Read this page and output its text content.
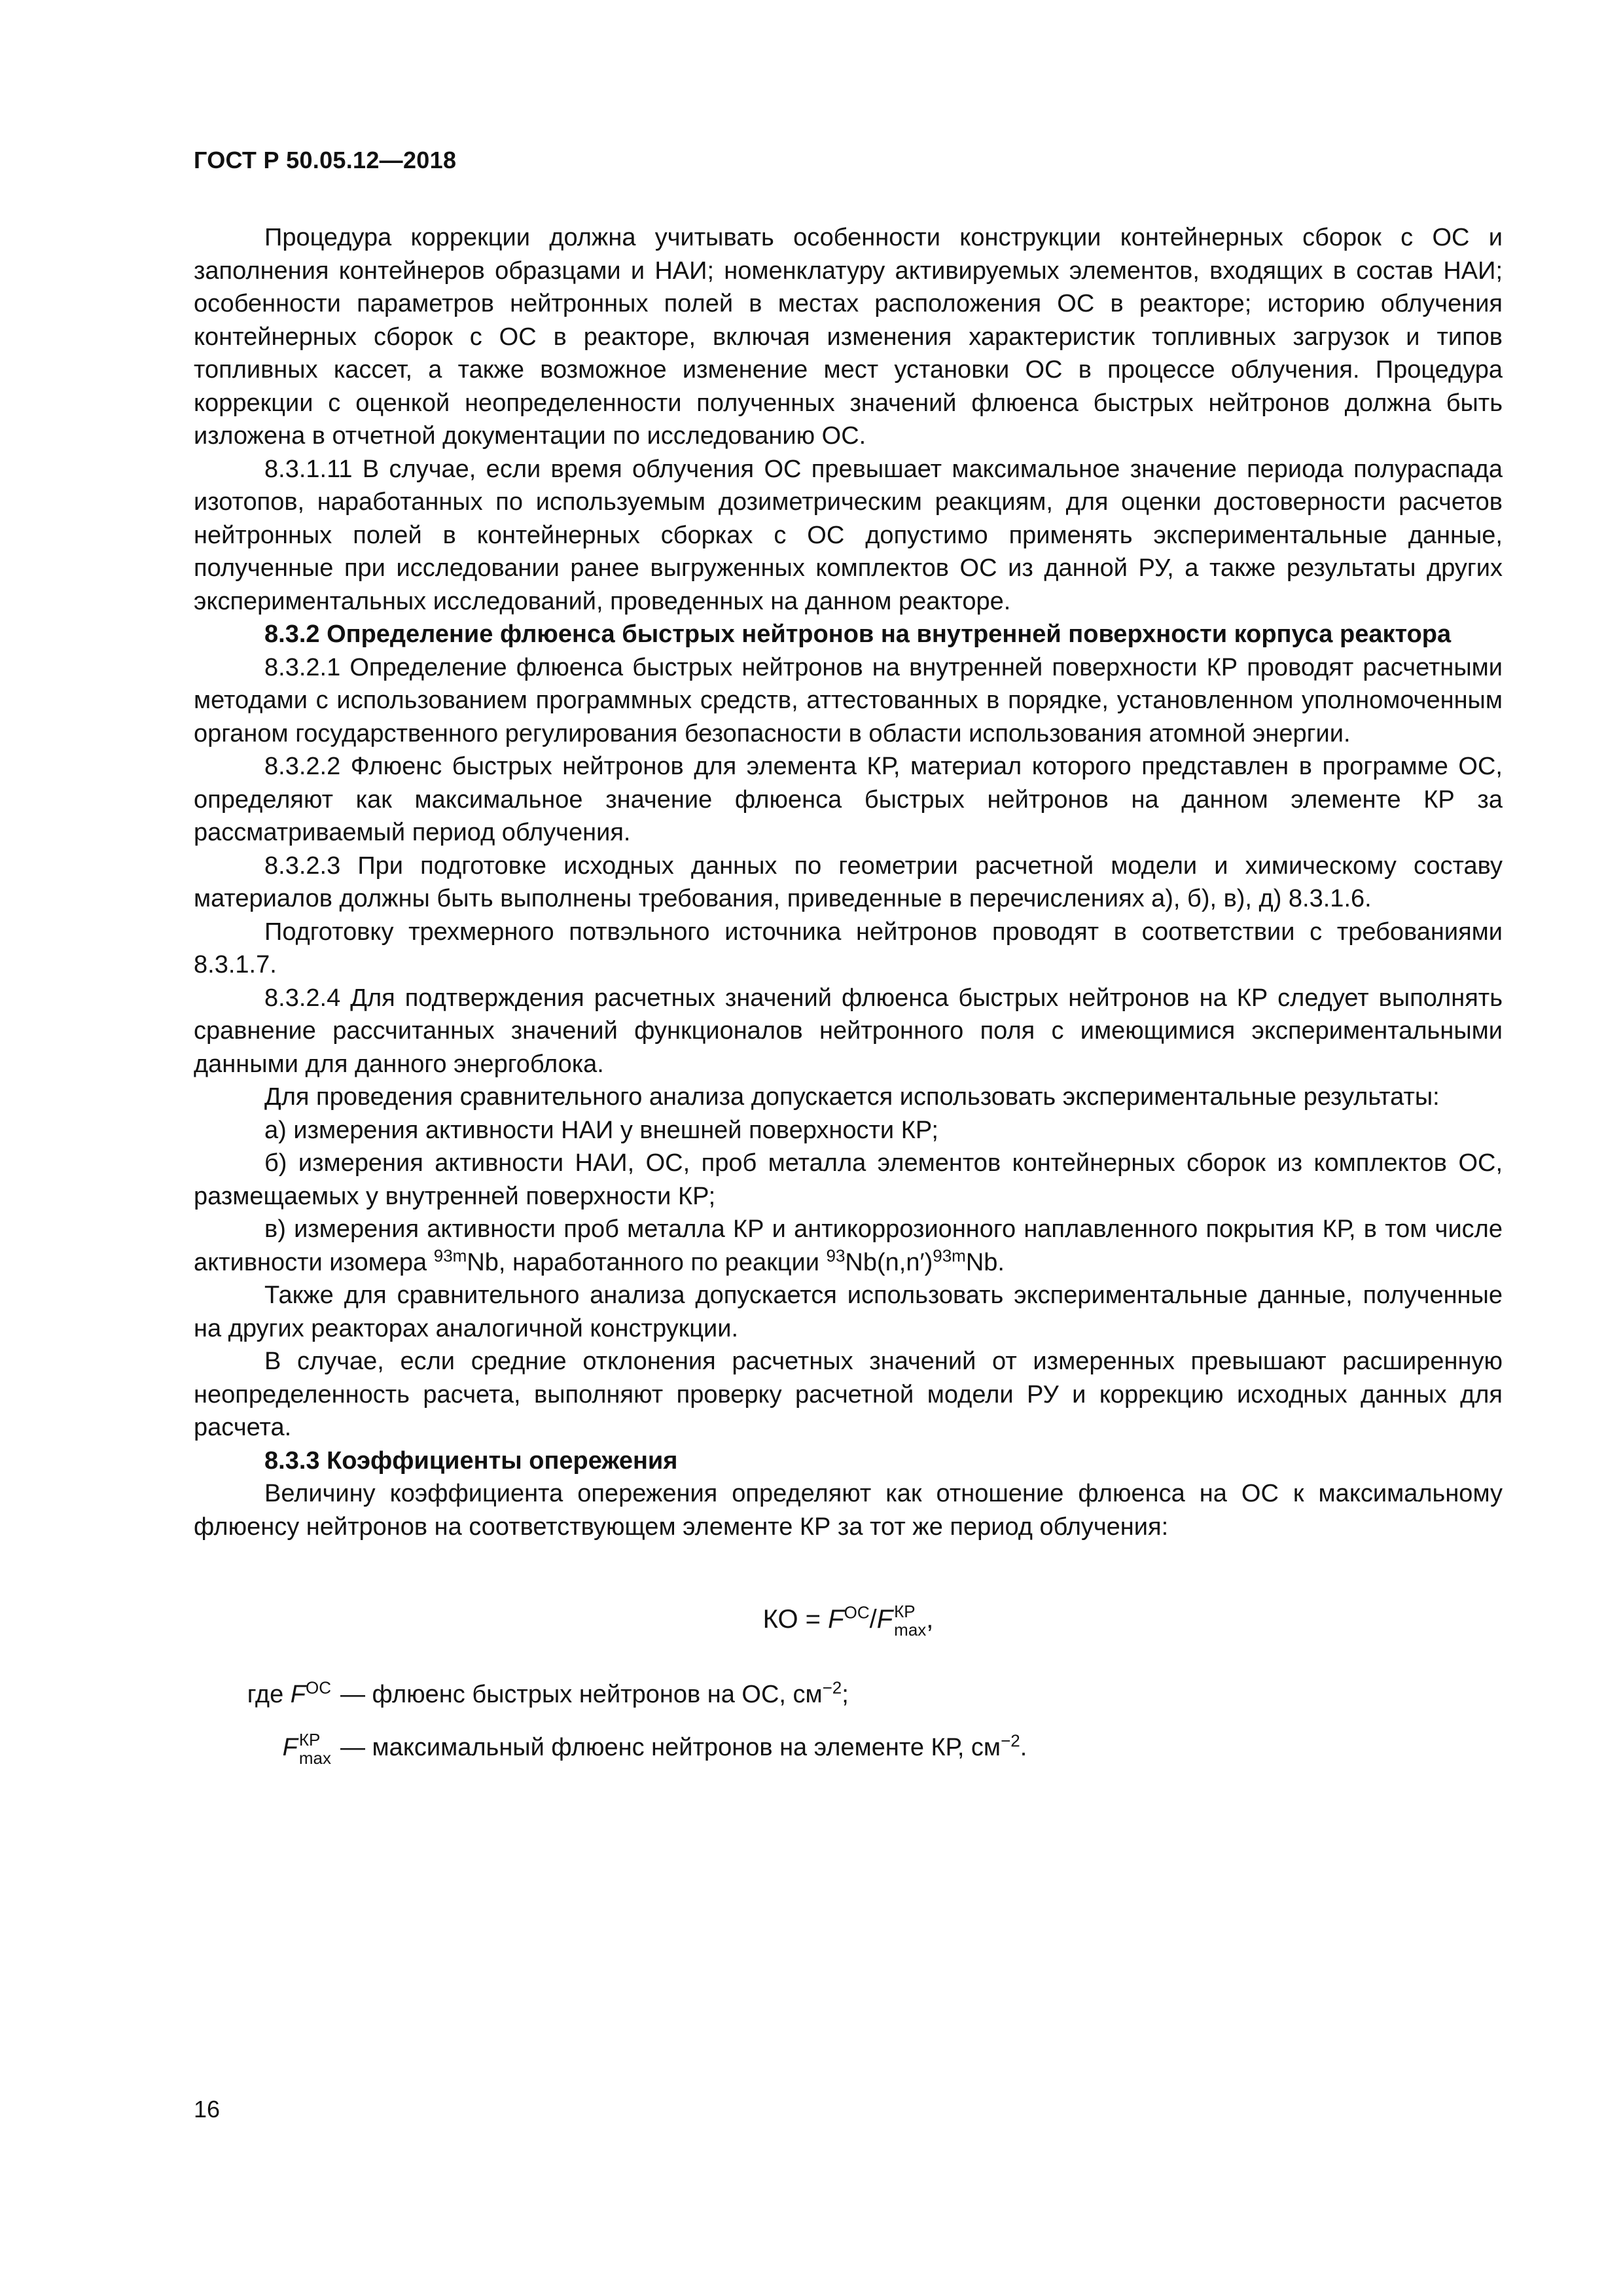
ГОСТ Р 50.05.12—2018

Процедура коррекции должна учитывать особенности конструкции контейнерных сборок с ОС и заполнения контейнеров образцами и НАИ; номенклатуру активируемых элементов, входящих в состав НАИ; особенности параметров нейтронных полей в местах расположения ОС в реакторе; историю облучения контейнерных сборок с ОС в реакторе, включая изменения характеристик топливных загрузок и типов топливных кассет, а также возможное изменение мест установки ОС в процессе облучения. Процедура коррекции с оценкой неопределенности полученных значений флюенса быстрых нейтронов должна быть изложена в отчетной документации по исследованию ОС.

8.3.1.11 В случае, если время облучения ОС превышает максимальное значение периода полураспада изотопов, наработанных по используемым дозиметрическим реакциям, для оценки достоверности расчетов нейтронных полей в контейнерных сборках с ОС допустимо применять экспериментальные данные, полученные при исследовании ранее выгруженных комплектов ОС из данной РУ, а также результаты других экспериментальных исследований, проведенных на данном реакторе.

8.3.2 Определение флюенса быстрых нейтронов на внутренней поверхности корпуса реактора

8.3.2.1 Определение флюенса быстрых нейтронов на внутренней поверхности КР проводят расчетными методами с использованием программных средств, аттестованных в порядке, установленном уполномоченным органом государственного регулирования безопасности в области использования атомной энергии.

8.3.2.2 Флюенс быстрых нейтронов для элемента КР, материал которого представлен в программе ОС, определяют как максимальное значение флюенса быстрых нейтронов на данном элементе КР за рассматриваемый период облучения.

8.3.2.3 При подготовке исходных данных по геометрии расчетной модели и химическому составу материалов должны быть выполнены требования, приведенные в перечислениях а), б), в), д) 8.3.1.6.

Подготовку трехмерного потвэльного источника нейтронов проводят в соответствии с требованиями 8.3.1.7.

8.3.2.4 Для подтверждения расчетных значений флюенса быстрых нейтронов на КР следует выполнять сравнение рассчитанных значений функционалов нейтронного поля с имеющимися экспериментальными данными для данного энергоблока.

Для проведения сравнительного анализа допускается использовать экспериментальные результаты:

а) измерения активности НАИ у внешней поверхности КР;

б) измерения активности НАИ, ОС, проб металла элементов контейнерных сборок из комплектов ОС, размещаемых у внутренней поверхности КР;

в) измерения активности проб металла КР и антикоррозионного наплавленного покрытия КР, в том числе активности изомера $^{93m}$Nb, наработанного по реакции $^{93}Nb(n,n')^{93m}Nb$.

Также для сравнительного анализа допускается использовать экспериментальные данные, полученные на других реакторах аналогичной конструкции.

В случае, если средние отклонения расчетных значений от измеренных превышают расширенную неопределенность расчета, выполняют проверку расчетной модели РУ и коррекцию исходных данных для расчета.

8.3.3 Коэффициенты опережения

Величину коэффициента опережения определяют как отношение флюенса на ОС к максимальному флюенсу нейтронов на соответствующем элементе КР за тот же период облучения:

КО = $F^{ОС}/F$ КР
max ,
где $F^{ОС}$ — флюенс быстрых нейтронов на ОС, $см^{-2}$;
F КР
max — максимальный флюенс нейтронов на элементе КР, $см^{-2}$.
16
